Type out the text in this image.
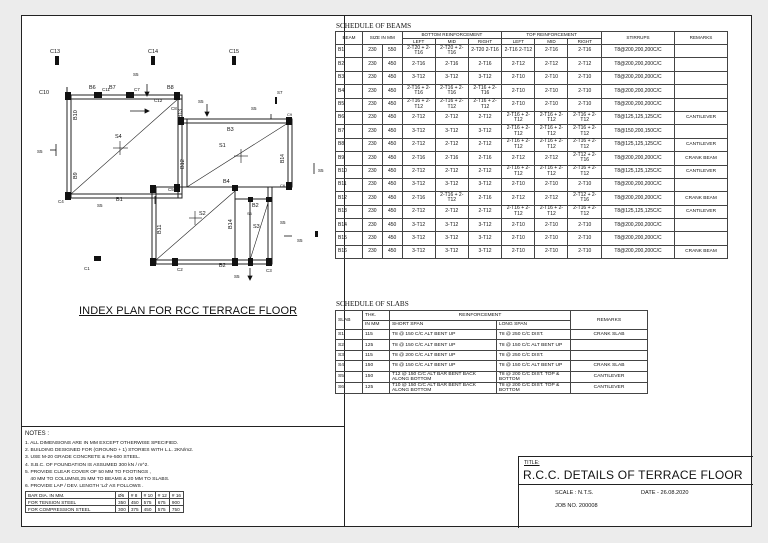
C13	C14	C15
C10
C11	C7
C12
C9
C6
C4
C5
C1	C2	C3
C8
B6 B7	B8
B10
B9
B13
B3
B14
B12
B4
B1
B11
B14
B2
B2
S4
S1
S2
S3
S6
S5
S5
S5
S7
S5
S5
S5
S5
S5
S5
INDEX PLAN FOR RCC TERRACE FLOOR
NOTES :
1. ALL DIMENSIONS ARE IN MM EXCEPT OTHERWISE SPECIFIED.
2. BUILDING DESIGNED FOR (GROUND + 1) STORIES WITH L.L. 2KN/m2.
3. USE M-20 GRADE CONCRETE & Fe-500 STEEL.
4. S.B.C. OF FOUNDATION IS ASSUMED 300 kN / m^2.
5. PROVIDE CLEAR COVER OF 50 MM TO FOOTINGS ,
40 MM TO COLUMNS,25 MM TO BEAMS & 20 MM TO SLABS.
6. PROVIDE LAP / DEV. LENGTH 'Ld' AS FOLLOWS .
BAR DIA. IN MM.	Ø6	# 8	# 10	# 12	# 16
FOR TENSION STEEL	350	450	575	675	900
FOR COMPRESSION STEEL	300	375	450	575	750
TITLE:
R.C.C. DETAILS OF TERRACE FLOOR
SCALE : N.T.S.	DATE - 26.08.2020
JOB NO. 200008
SCHEDULE OF BEAMS
BEAM	SIZE IN MM		BOTTOM REINFORCEMENT			TOP REINFORCEMENT			STIRRUPS	REMARKS
			LEFT	MID	RIGHT	LEFT	MID	RIGHT		
B1	230	550	2-T20 + 2-T16	2-T20 + 2-T16	2-T20 2-T16	2-T16 2-T12	2-T16	2-T16	T8@200,200,200C/C	
B2	230	450	2-T16	2-T16	2-T16	2-T12	2-T12	2-T12	T8@200,200,200C/C	
B3	230	450	3-T12	3-T12	3-T12	2-T10	2-T10	2-T10	T8@200,200,200C/C	
B4	230	450	2-T16 + 2-T16	2-T16 + 2-T16	2-T16 + 2-T16	2-T10	2-T10	2-T10	T8@200,200,200C/C	
B5	230	450	2-T16 + 2-T12	2-T16 + 2-T12	2-T16 + 2-T12	2-T10	2-T10	2-T10	T8@200,200,200C/C	
B6	230	450	2-T12	2-T12	2-T12	2-T16 + 2-T12	2-T16 + 2-T12	2-T16 + 2-T12	T8@125,125,125C/C	CANTILEVER
B7	230	450	3-T12	3-T12	3-T12	2-T16 + 2-T12	2-T16 + 2-T12	2-T16 + 2-T12	T8@150,200,150C/C	
B8	230	450	2-T12	2-T12	2-T12	2-T16 + 2-T12	2-T16 + 2-T12	2-T16 + 2-T12	T8@125,125,125C/C	CANTILEVER
B9	230	450	2-T16	2-T16	2-T16	2-T12	2-T12	2-T12 + 2-T16	T8@200,200,200C/C	CRANK BEAM
B10	230	450	2-T12	2-T12	2-T12	2-T16 + 2-T12	2-T16 + 2-T12	2-T16 + 2-T12	T8@125,125,125C/C	CANTILEVER
B11	230	450	3-T12	3-T12	3-T12	2-T10	2-T10	2-T10	T8@200,200,200C/C	
B12	230	450	2-T16	2-T16 + 2-T12	2-T16	2-T12	2-T12	2-T12 + 2-T16	T8@200,200,200C/C	CRANK BEAM
B13	230	450	2-T12	2-T12	2-T12	2-T16 + 2-T12	2-T16 + 2-T12	2-T16 + 2-T12	T8@125,125,125C/C	CANTILEVER
B14	230	450	3-T12	3-T12	3-T12	2-T10	2-T10	2-T10	T8@200,200,200C/C	
B15	230	450	3-T12	3-T12	3-T12	2-T10	2-T10	2-T10	T8@200,200,200C/C	
B16	230	450	3-T12	3-T12	3-T12	2-T10	2-T10	2-T10	T8@200,200,200C/C	CRANK BEAM
SCHEDULE OF SLABS
SLAB	THK.	REINFORCEMENT		REMARKS
	IN MM	SHORT SPAN	LONG SPAN	
S1	115	T8 @ 150 C/C ALT BENT UP	T8 @ 250 C/C DIST.	CRANK SLAB
S2	125	T8 @ 150 C/C ALT BENT UP	T8 @ 150 C/C ALT BENT UP	
S3	115	T8 @ 200 C/C ALT BENT UP	T8 @ 250 C/C DIST.	
S4	150	T8 @ 150 C/C ALT BENT UP	T8 @ 150 C/C ALT BENT UP	CRANK SLAB
S5	150	T12 @ 150 C/C ALT BAR BENT BACK ALONG BOTTOM	T8 @ 200 C/C DIST. TOP & BOTTOM	CANTILEVER
S6	125	T10 @ 150 C/C ALT BAR BENT BACK ALONG BOTTOM	T8 @ 200 C/C DIST. TOP & BOTTOM	CANTILEVER
